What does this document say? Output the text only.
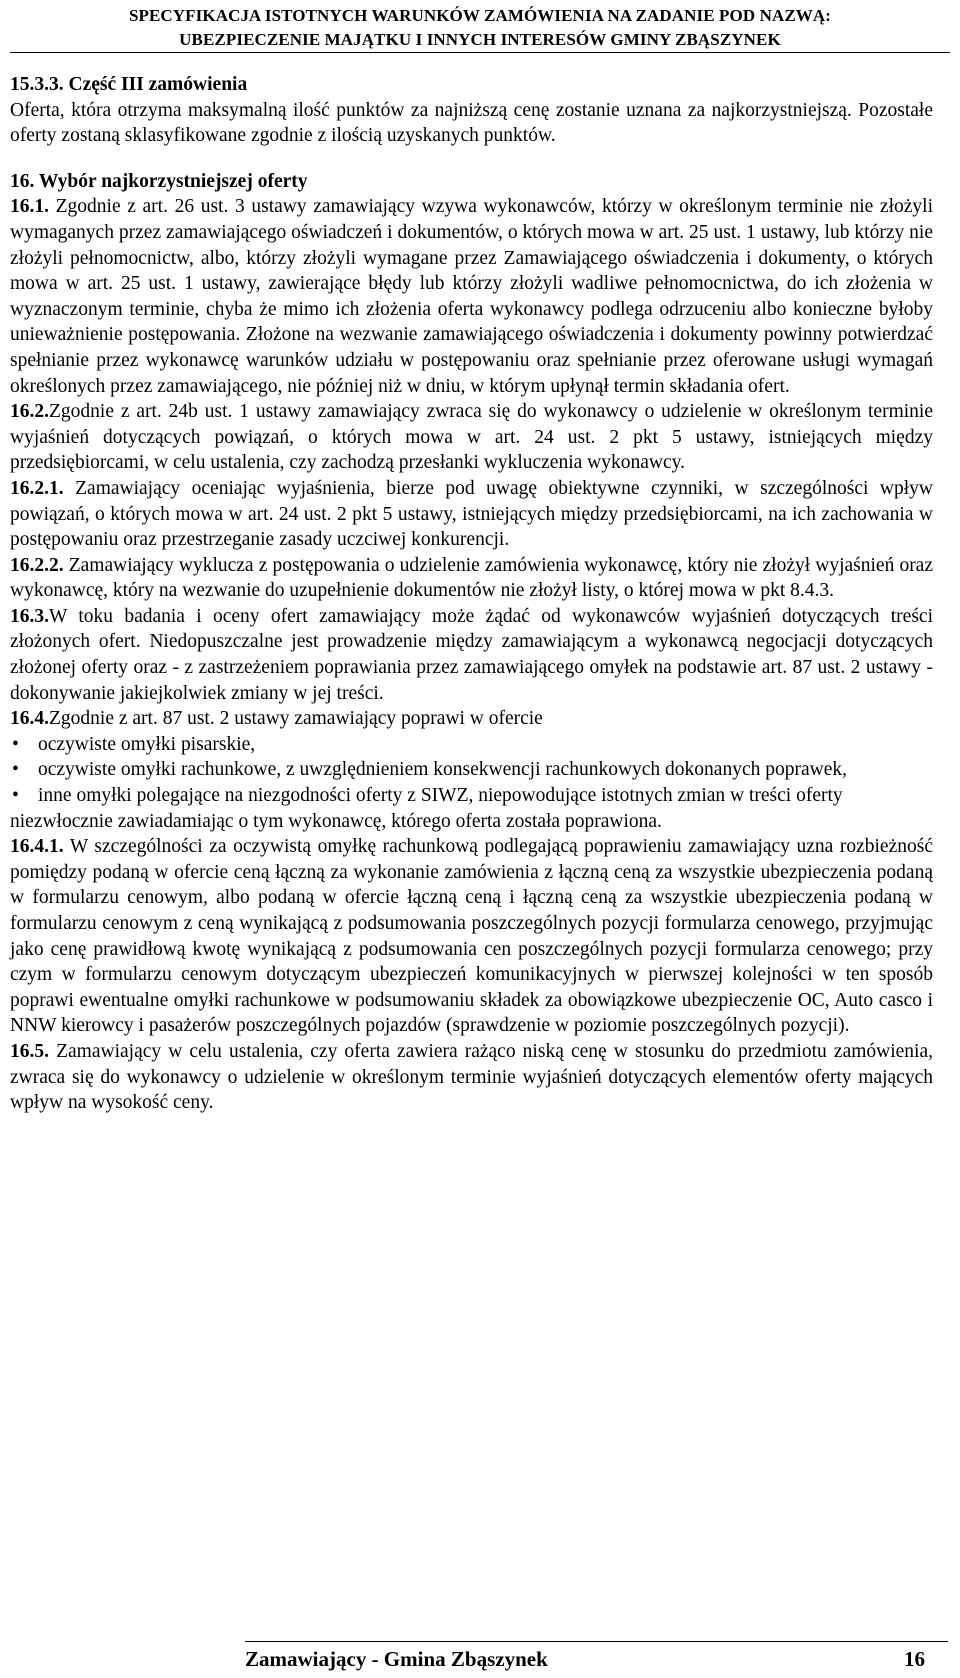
SPECYFIKACJA ISTOTNYCH WARUNKÓW ZAMÓWIENIA NA ZADANIE POD NAZWĄ:
UBEZPIECZENIE MAJĄTKU I INNYCH INTERESÓW GMINY ZBĄSZYNEK

15.3.3. Część III zamówienia

Oferta, która otrzyma maksymalną ilość punktów za najniższą cenę zostanie uznana za najkorzystniejszą. Pozostałe oferty zostaną sklasyfikowane zgodnie z ilością uzyskanych punktów.

16. Wybór najkorzystniejszej oferty

16.1. Zgodnie z art. 26 ust. 3 ustawy zamawiający wzywa wykonawców, którzy w określonym terminie nie złożyli wymaganych przez zamawiającego oświadczeń i dokumentów, o których mowa w art. 25 ust. 1 ustawy, lub którzy nie złożyli pełnomocnictw, albo, którzy złożyli wymagane przez Zamawiającego oświadczenia i dokumenty, o których mowa w art. 25 ust. 1 ustawy, zawierające błędy lub którzy złożyli wadliwe pełnomocnictwa, do ich złożenia w wyznaczonym terminie, chyba że mimo ich złożenia oferta wykonawcy podlega odrzuceniu albo konieczne byłoby unieważnienie postępowania. Złożone na wezwanie zamawiającego oświadczenia i dokumenty powinny potwierdzać spełnianie przez wykonawcę warunków udziału w postępowaniu oraz spełnianie przez oferowane usługi wymagań określonych przez zamawiającego, nie później niż w dniu, w którym upłynął termin składania ofert.

16.2.Zgodnie z art. 24b ust. 1 ustawy zamawiający zwraca się do wykonawcy o udzielenie w określonym terminie wyjaśnień dotyczących powiązań, o których mowa w art. 24 ust. 2 pkt 5 ustawy, istniejących między przedsiębiorcami, w celu ustalenia, czy zachodzą przesłanki wykluczenia wykonawcy.

16.2.1. Zamawiający oceniając wyjaśnienia, bierze pod uwagę obiektywne czynniki, w szczególności wpływ powiązań, o których mowa w art. 24 ust. 2 pkt 5 ustawy, istniejących między przedsiębiorcami, na ich zachowania w postępowaniu oraz przestrzeganie zasady uczciwej konkurencji.

16.2.2. Zamawiający wyklucza z postępowania o udzielenie zamówienia wykonawcę, który nie złożył wyjaśnień oraz wykonawcę, który na wezwanie do uzupełnienie dokumentów nie złożył listy, o której mowa w pkt 8.4.3.

16.3.W toku badania i oceny ofert zamawiający może żądać od wykonawców wyjaśnień dotyczących treści złożonych ofert. Niedopuszczalne jest prowadzenie między zamawiającym a wykonawcą negocjacji dotyczących złożonej oferty oraz - z zastrzeżeniem poprawiania przez zamawiającego omyłek na podstawie art. 87 ust. 2 ustawy - dokonywanie jakiejkolwiek zmiany w jej treści.

16.4.Zgodnie z art. 87 ust. 2 ustawy zamawiający poprawi w ofercie

• oczywiste omyłki pisarskie,

• oczywiste omyłki rachunkowe, z uwzględnieniem konsekwencji rachunkowych dokonanych poprawek,

• inne omyłki polegające na niezgodności oferty z SIWZ, niepowodujące istotnych zmian w treści oferty

niezwłocznie zawiadamiając o tym wykonawcę, którego oferta została poprawiona.

16.4.1. W szczególności za oczywistą omyłkę rachunkową podlegającą poprawieniu zamawiający uzna rozbieżność pomiędzy podaną w ofercie ceną łączną za wykonanie zamówienia z łączną ceną za wszystkie ubezpieczenia podaną w formularzu cenowym, albo podaną w ofercie łączną ceną i łączną ceną za wszystkie ubezpieczenia podaną w formularzu cenowym z ceną wynikającą z podsumowania poszczególnych pozycji formularza cenowego, przyjmując jako cenę prawidłową kwotę wynikającą z podsumowania cen poszczególnych pozycji formularza cenowego; przy czym w formularzu cenowym dotyczącym ubezpieczeń komunikacyjnych w pierwszej kolejności w ten sposób poprawi ewentualne omyłki rachunkowe w podsumowaniu składek za obowiązkowe ubezpieczenie OC, Auto casco i NNW kierowcy i pasażerów poszczególnych pojazdów (sprawdzenie w poziomie poszczególnych pozycji).

16.5. Zamawiający w celu ustalenia, czy oferta zawiera rażąco niską cenę w stosunku do przedmiotu zamówienia, zwraca się do wykonawcy o udzielenie w określonym terminie wyjaśnień dotyczących elementów oferty mających wpływ na wysokość ceny.

Zamawiający - Gmina Zbąszynek	16
